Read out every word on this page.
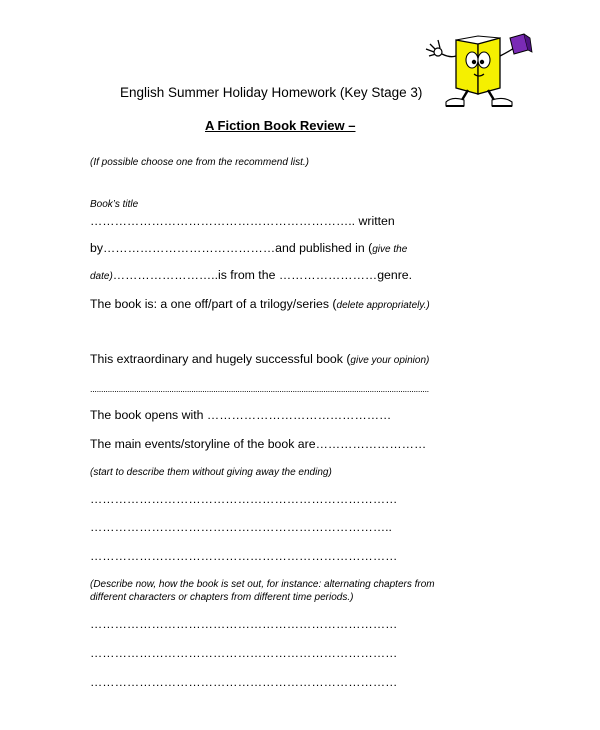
English Summer Holiday Homework (Key Stage 3)
A Fiction Book Review –
(If possible choose one from the recommend list.)
Book’s title
……………………………………………………….. written
by……………………………………and published in (give the
date)……………………..is from the ……………………genre.
The book is: a one off/part of a trilogy/series (delete appropriately.)
This extraordinary and hugely successful book (give your opinion)
..........................................................................................................................................................
The book opens with ………………………………………
The main events/storyline of the book are………………………
(start to describe them without giving away the ending)
…………………………………………………………………
………………………………………………………………..
…………………………………………………………………
(Describe now, how the book is set out, for instance: alternating chapters from
different characters or chapters from different time periods.)
…………………………………………………………………
…………………………………………………………………
…………………………………………………………………
